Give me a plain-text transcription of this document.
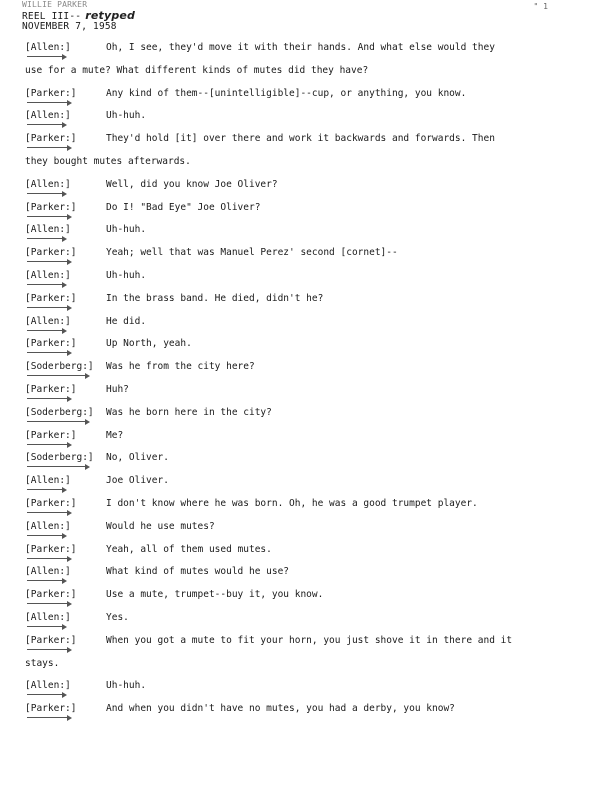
WILLIE PARKER
REEL III-- retyped
NOVEMBER 7, 1958
" 1
[Allen:]	Oh, I see, they'd move it with their hands. And what else would they
use for a mute? What different kinds of mutes did they have?
[Parker:]	Any kind of them--[unintelligible]--cup, or anything, you know.
[Allen:]	Uh-huh.
[Parker:]	They'd hold [it] over there and work it backwards and forwards. Then
they bought mutes afterwards.
[Allen:]	Well, did you know Joe Oliver?
[Parker:]	Do I! "Bad Eye" Joe Oliver?
[Allen:]	Uh-huh.
[Parker:]	Yeah; well that was Manuel Perez' second [cornet]--
[Allen:]	Uh-huh.
[Parker:]	In the brass band. He died, didn't he?
[Allen:]	He did.
[Parker:]	Up North, yeah.
[Soderberg:] Was he from the city here?
[Parker:]	Huh?
[Soderberg:] Was he born here in the city?
[Parker:]	Me?
[Soderberg:] No, Oliver.
[Allen:]	Joe Oliver.
[Parker:]	I don't know where he was born. Oh, he was a good trumpet player.
[Allen:]	Would he use mutes?
[Parker:]	Yeah, all of them used mutes.
[Allen:]	What kind of mutes would he use?
[Parker:]	Use a mute, trumpet--buy it, you know.
[Allen:]	Yes.
[Parker:]	When you got a mute to fit your horn, you just shove it in there and it
stays.
[Allen:]	Uh-huh.
[Parker:]	And when you didn't have no mutes, you had a derby, you know?
